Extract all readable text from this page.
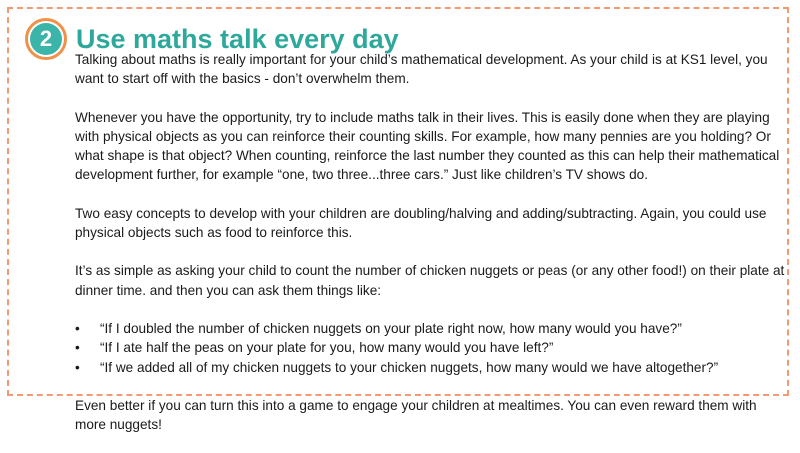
2 Use maths talk every day

Talking about maths is really important for your child’s mathematical development. As your child is at KS1 level, you want to start off with the basics - don’t overwhelm them.

Whenever you have the opportunity, try to include maths talk in their lives. This is easily done when they are playing with physical objects as you can reinforce their counting skills. For example, how many pennies are you holding? Or what shape is that object? When counting, reinforce the last number they counted as this can help their mathematical development further, for example “one, two three...three cars.” Just like children’s TV shows do.

Two easy concepts to develop with your children are doubling/halving and adding/subtracting. Again, you could use physical objects such as food to reinforce this.

It’s as simple as asking your child to count the number of chicken nuggets or peas (or any other food!) on their plate at dinner time. and then you can ask them things like:

• “If I doubled the number of chicken nuggets on your plate right now, how many would you have?”
• “If I ate half the peas on your plate for you, how many would you have left?”
• “If we added all of my chicken nuggets to your chicken nuggets, how many would we have altogether?”

Even better if you can turn this into a game to engage your children at mealtimes. You can even reward them with more nuggets!
